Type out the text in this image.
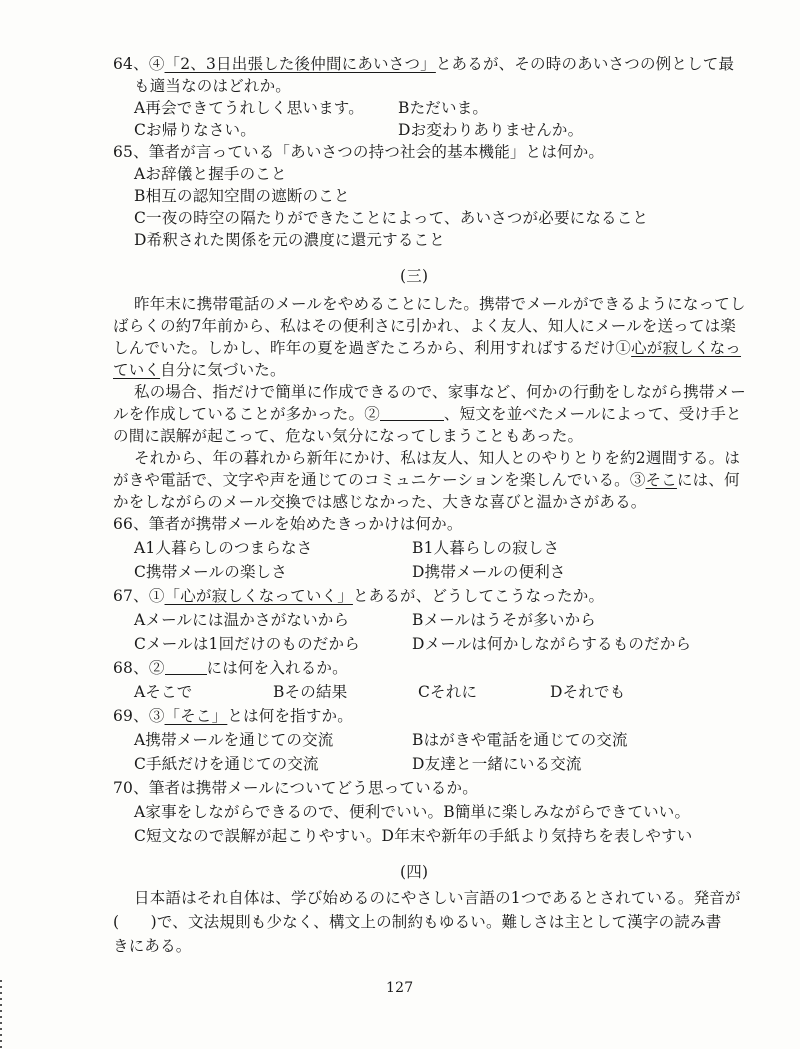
64、④「2、3日出張した後仲間にあいさつ」とあるが、その時のあいさつの例として最
も適当なのはどれか。
A再会できてうれしく思います。 Bただいま。
Cお帰りなさい。	Dお変わりありませんか。
65、筆者が言っている「あいさつの持つ社会的基本機能」とは何か。
Aお辞儀と握手のこと
B相互の認知空間の遮断のこと
C一夜の時空の隔たりができたことによって、あいさつが必要になること
D希釈された関係を元の濃度に還元すること
(三)
昨年末に携帯電話のメールをやめることにした。携帯でメールができるようになってし
ばらくの約7年前から、私はその便利さに引かれ、よく友人、知人にメールを送っては楽
しんでいた。しかし、昨年の夏を過ぎたころから、利用すればするだけ①心が寂しくなっ
ていく自分に気づいた。
私の場合、指だけで簡単に作成できるので、家事など、何かの行動をしながら携帯メー
ルを作成していることが多かった。②	、短文を並べたメールによって、受け手と
の間に誤解が起こって、危ない気分になってしまうこともあった。
それから、年の暮れから新年にかけ、私は友人、知人とのやりとりを約2週間する。は
がきや電話で、文字や声を通じてのコミュニケーションを楽しんでいる。③そこには、何
かをしながらのメール交換では感じなかった、大きな喜びと温かさがある。
66、筆者が携帯メールを始めたきっかけは何か。
A1人暮らしのつまらなさ	B1人暮らしの寂しさ
C携帯メールの楽しさ	D携帯メールの便利さ
67、①「心が寂しくなっていく」とあるが、どうしてこうなったか。
Aメールには温かさがないから	Bメールはうそが多いから
Cメールは1回だけのものだから	Dメールは何かしながらするものだから
68、②	には何を入れるか。
Aそこで	Bその結果	Cそれに	Dそれでも
69、③「そこ」とは何を指すか。
A携帯メールを通じての交流	Bはがきや電話を通じての交流
C手紙だけを通じての交流	D友達と一緒にいる交流
70、筆者は携帯メールについてどう思っているか。
A家事をしながらできるので、便利でいい。B簡単に楽しみながらできていい。
C短文なので誤解が起こりやすい。D年末や新年の手紙より気持ちを表しやすい
(四)
日本語はそれ自体は、学び始めるのにやさしい言語の1つであるとされている。発音が
(　　)で、文法規則も少なく、構文上の制約もゆるい。難しさは主として漢字の読み書
きにある。
127
